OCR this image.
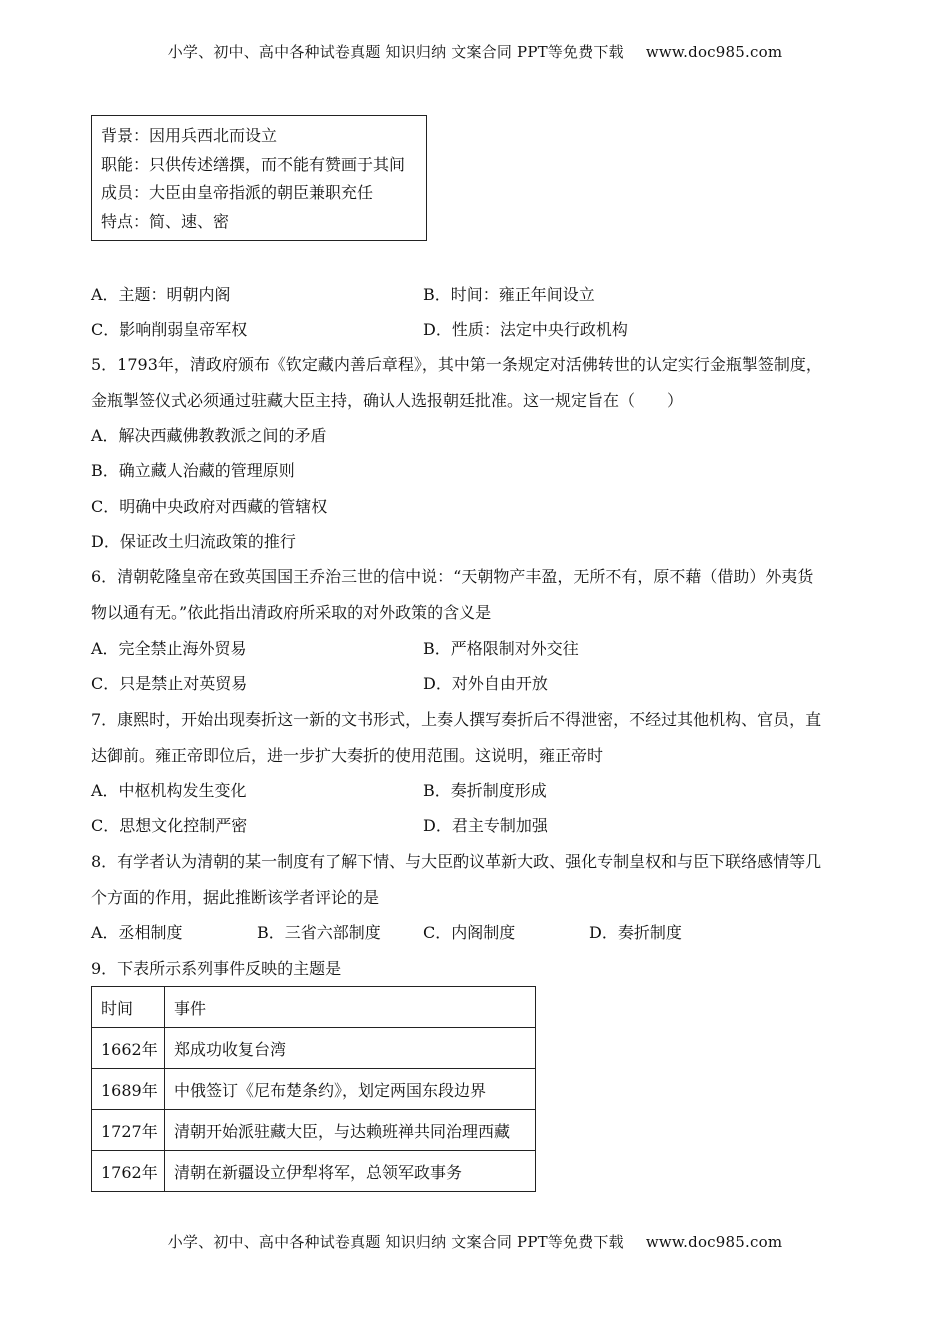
小学、初中、高中各种试卷真题 知识归纳 文案合同 PPT等免费下载 www.doc985.com
背景：因用兵西北而设立
职能：只供传述缮撰，而不能有赞画于其间
成员：大臣由皇帝指派的朝臣兼职充任
特点：简、速、密
A．主题：明朝内阁	B．时间：雍正年间设立
C．影响削弱皇帝军权	D．性质：法定中央行政机构
5．1793年，清政府颁布《钦定藏内善后章程》，其中第一条规定对活佛转世的认定实行金瓶掣签制度，
金瓶掣签仪式必须通过驻藏大臣主持，确认人选报朝廷批准。这一规定旨在（　　）
A．解决西藏佛教教派之间的矛盾
B．确立藏人治藏的管理原则
C．明确中央政府对西藏的管辖权
D．保证改土归流政策的推行
6．清朝乾隆皇帝在致英国国王乔治三世的信中说：“天朝物产丰盈，无所不有，原不藉（借助）外夷货
物以通有无。”依此指出清政府所采取的对外政策的含义是
A．完全禁止海外贸易	B．严格限制对外交往
C．只是禁止对英贸易	D．对外自由开放
7．康熙时，开始出现奏折这一新的文书形式，上奏人撰写奏折后不得泄密，不经过其他机构、官员，直
达御前。雍正帝即位后，进一步扩大奏折的使用范围。这说明，雍正帝时
A．中枢机构发生变化	B．奏折制度形成
C．思想文化控制严密	D．君主专制加强
8．有学者认为清朝的某一制度有了解下情、与大臣酌议革新大政、强化专制皇权和与臣下联络感情等几
个方面的作用，据此推断该学者评论的是
A．丞相制度	B．三省六部制度	C．内阁制度	D．奏折制度
9．下表所示系列事件反映的主题是
时间	事件
1662年	郑成功收复台湾
1689年	中俄签订《尼布楚条约》，划定两国东段边界
1727年	清朝开始派驻藏大臣，与达赖班禅共同治理西藏
1762年	清朝在新疆设立伊犁将军，总领军政事务
小学、初中、高中各种试卷真题 知识归纳 文案合同 PPT等免费下载 www.doc985.com
